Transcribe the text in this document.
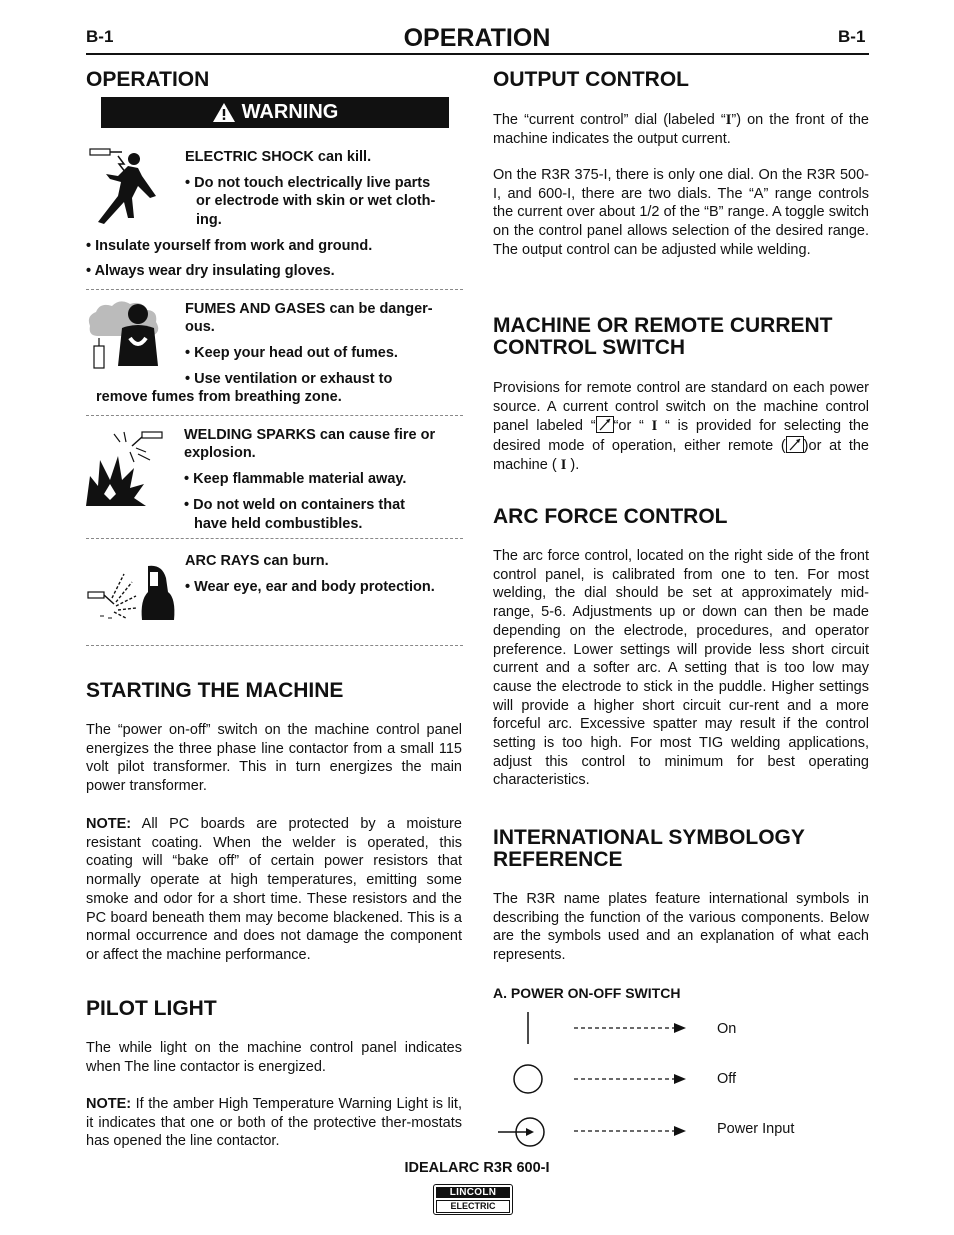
B-1	OPERATION	B-1
OPERATION
WARNING

ELECTRIC SHOCK can kill.

• Do not touch electrically live parts

or electrode with skin or wet cloth-

ing.

• Insulate yourself from work and ground.

• Always wear dry insulating gloves.

FUMES AND GASES can be danger-

ous.

• Keep your head out of fumes.

• Use ventilation or exhaust to

remove fumes from breathing zone.

WELDING SPARKS can cause fire or

explosion.

• Keep flammable material away.

• Do not weld on containers that

have held combustibles.

ARC RAYS can burn.

• Wear eye, ear and body protection.

STARTING THE MACHINE

The “power on-off” switch on the machine control panel energizes the three phase line contactor from a small 115 volt pilot transformer. This in turn energizes the main power transformer.

NOTE: All PC boards are protected by a moisture resistant coating. When the welder is operated, this coating will “bake off” of certain power resistors that normally operate at high temperatures, emitting some smoke and odor for a short time. These resistors and the PC board beneath them may become blackened. This is a normal occurrence and does not damage the component or affect the machine performance.

PILOT LIGHT

The while light on the machine control panel indicates when The line contactor is energized.

NOTE: If the amber High Temperature Warning Light is lit, it indicates that one or both of the protective ther-mostats has opened the line contactor.

OUTPUT CONTROL

The “current control” dial (labeled “I”) on the front of the machine indicates the output current.

On the R3R 375-I, there is only one dial. On the R3R 500-I, and 600-I, there are two dials. The “A” range controls the current over about 1/2 of the “B” range. A toggle switch on the control panel allows selection of the desired range. The output control can be adjusted while welding.

MACHINE OR REMOTE CURRENT
CONTROL SWITCH

Provisions for remote control are standard on each power source. A current control switch on the machine control panel labeled “ “or “ I “ is provided for selecting the desired mode of operation, either remote ( )or at the machine ( I ).

ARC FORCE CONTROL

The arc force control, located on the right side of the front control panel, is calibrated from one to ten. For most welding, the dial should be set at approximately mid-range, 5-6. Adjustments up or down can then be made depending on the electrode, procedures, and operator preference. Lower settings will provide less short circuit current and a softer arc. A setting that is too low may cause the electrode to stick in the puddle. Higher settings will provide a higher short circuit cur-rent and a more forceful arc. Excessive spatter may result if the control setting is too high. For most TIG welding applications, adjust this control to minimum for best operating characteristics.

INTERNATIONAL SYMBOLOGY
REFERENCE

The R3R name plates feature international symbols in describing the function of the various components. Below are the symbols used and an explanation of what each represents.

A. POWER ON-OFF SWITCH

On
Off
Power Input
IDEALARC R3R 600-I
LINCOLN
ELECTRIC
®
